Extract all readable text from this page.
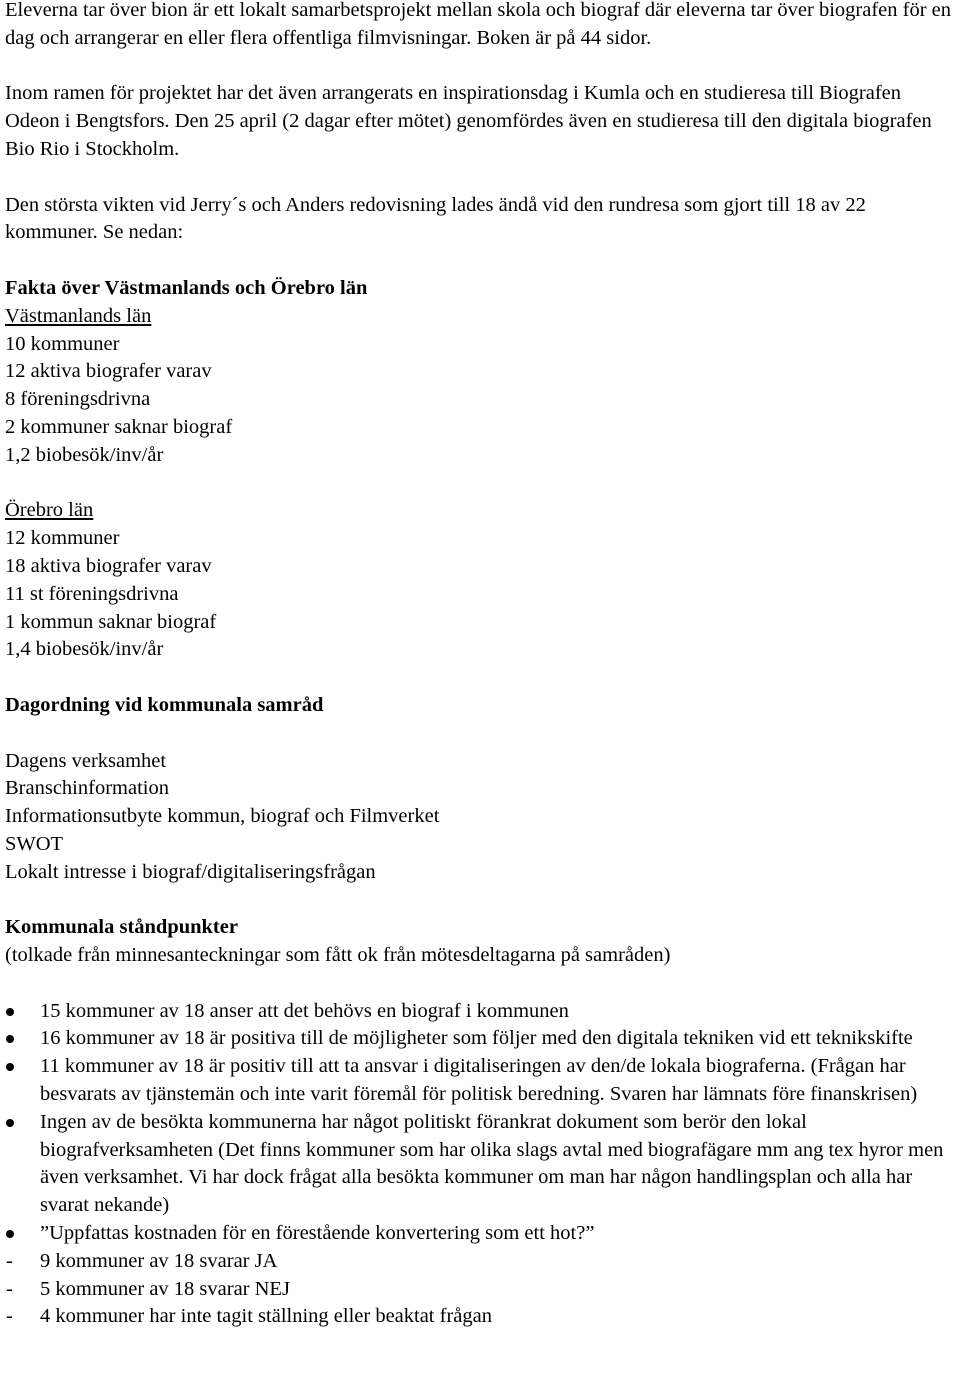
Eleverna tar över bion är ett lokalt samarbetsprojekt mellan skola och biograf där eleverna tar över biografen för en dag och arrangerar en eller flera offentliga filmvisningar. Boken är på 44 sidor.

Inom ramen för projektet har det även arrangerats en inspirationsdag i Kumla och en studieresa till Biografen Odeon i Bengtsfors. Den 25 april (2 dagar efter mötet) genomfördes även en studieresa till den digitala biografen Bio Rio i Stockholm.

Den största vikten vid Jerry´s och Anders redovisning lades ändå vid den rundresa som gjort till 18 av 22 kommuner. Se nedan:

Fakta över Västmanlands och Örebro län

Västmanlands län

10 kommuner

12 aktiva biografer varav

8 föreningsdrivna

2 kommuner saknar biograf

1,2 biobesök/inv/år

Örebro län

12 kommuner

18 aktiva biografer varav

11 st föreningsdrivna

1 kommun saknar biograf

1,4 biobesök/inv/år

Dagordning vid kommunala samråd

Dagens verksamhet

Branschinformation

Informationsutbyte kommun, biograf och Filmverket

SWOT

Lokalt intresse i biograf/digitaliseringsfrågan

Kommunala ståndpunkter

(tolkade från minnesanteckningar som fått ok från mötesdeltagarna på samråden)

15 kommuner av 18 anser att det behövs en biograf i kommunen
16 kommuner av 18 är positiva till de möjligheter som följer med den digitala tekniken vid ett teknikskifte
11 kommuner av 18 är positiv till att ta ansvar i digitaliseringen av den/de lokala biograferna. (Frågan har besvarats av tjänstemän och inte varit föremål för politisk beredning. Svaren har lämnats före finanskrisen)
Ingen av de besökta kommunerna har något politiskt förankrat dokument som berör den lokal biografverksamheten (Det finns kommuner som har olika slags avtal med biografägare mm ang tex hyror men även verksamhet. Vi har dock frågat alla besökta kommuner om man har någon handlingsplan och alla har svarat nekande)
”Uppfattas kostnaden för en förestående konvertering som ett hot?”
- 9 kommuner av 18 svarar JA
- 5 kommuner av 18 svarar NEJ
- 4 kommuner har inte tagit ställning eller beaktat frågan
